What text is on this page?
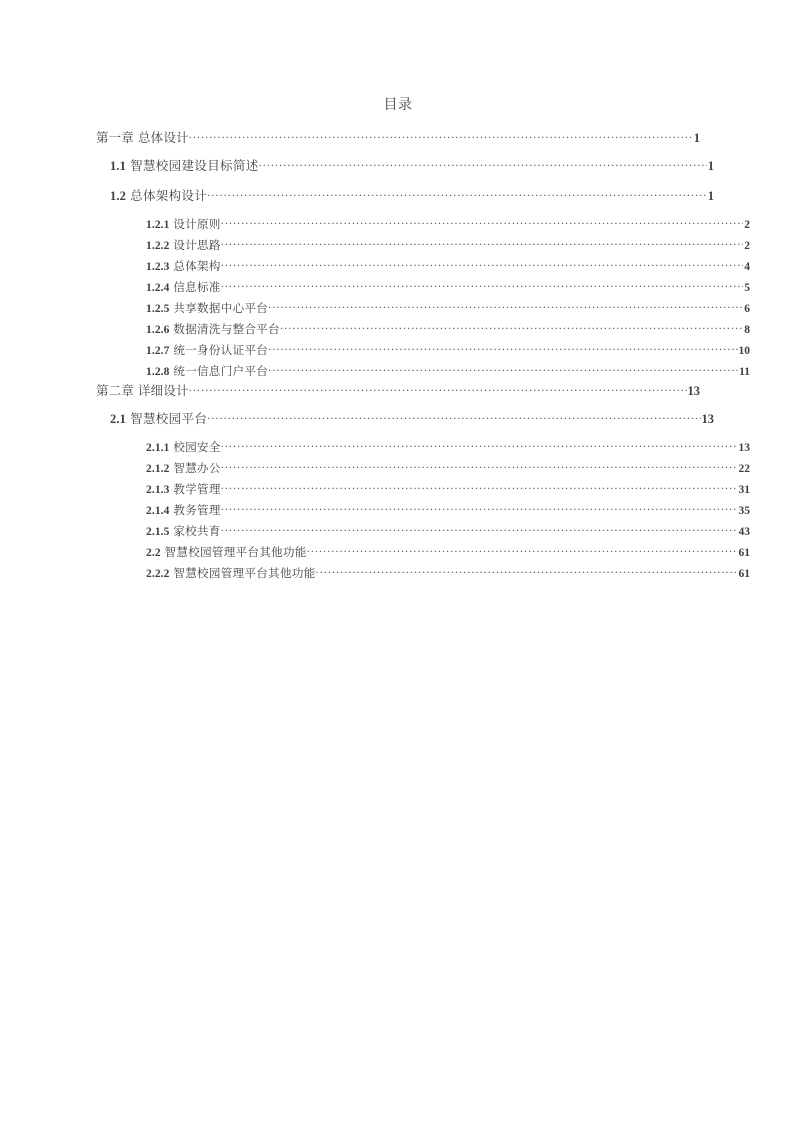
目录
第一章   总体设计 .....	1
1.1   智慧校园建设目标简述 .....	1
1.2   总体架构设计 .....	1
1.2.1   设计原则 .....	2
1.2.2   设计思路 .....	2
1.2.3   总体架构 .....	4
1.2.4   信息标准 .....	5
1.2.5   共享数据中心平台 .....	6
1.2.6   数据清洗与整合平台 .....	8
1.2.7   统一身份认证平台 .....	10
1.2.8   统一信息门户平台 .....	11
第二章   详细设计 .....	13
2.1   智慧校园平台 .....	13
2.1.1   校园安全 .....	13
2.1.2   智慧办公 .....	22
2.1.3   教学管理 .....	31
2.1.4   教务管理 .....	35
2.1.5   家校共育 .....	43
2.2   智慧校园管理平台其他功能 .....	61
2.2.2   智慧校园管理平台其他功能 .....	61
